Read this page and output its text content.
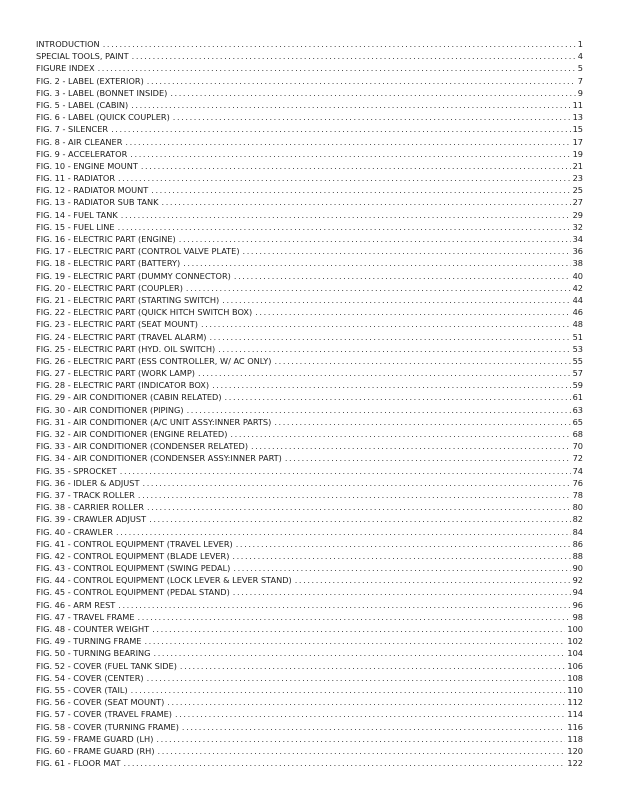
INTRODUCTION .....	1
SPECIAL TOOLS, PAINT .....	4
FIGURE INDEX .....	5
FIG. 2 - LABEL (EXTERIOR) .....	7
FIG. 3 - LABEL (BONNET INSIDE) .....	9
FIG. 5 - LABEL (CABIN) .....	11
FIG. 6 - LABEL (QUICK COUPLER) .....	13
FIG. 7 - SILENCER .....	15
FIG. 8 - AIR CLEANER .....	17
FIG. 9 - ACCELERATOR .....	19
FIG. 10 - ENGINE MOUNT .....	21
FIG. 11 - RADIATOR .....	23
FIG. 12 - RADIATOR MOUNT .....	25
FIG. 13 - RADIATOR SUB TANK .....	27
FIG. 14 - FUEL TANK .....	29
FIG. 15 - FUEL LINE .....	32
FIG. 16 - ELECTRIC PART (ENGINE) .....	34
FIG. 17 - ELECTRIC PART (CONTROL VALVE PLATE) .....	36
FIG. 18 - ELECTRIC PART (BATTERY) .....	38
FIG. 19 - ELECTRIC PART (DUMMY CONNECTOR) .....	40
FIG. 20 - ELECTRIC PART (COUPLER) .....	42
FIG. 21 - ELECTRIC PART (STARTING SWITCH) .....	44
FIG. 22 - ELECTRIC PART (QUICK HITCH SWITCH BOX) .....	46
FIG. 23 - ELECTRIC PART (SEAT MOUNT) .....	48
FIG. 24 - ELECTRIC PART (TRAVEL ALARM) .....	51
FIG. 25 - ELECTRIC PART (HYD. OIL SWITCH) .....	53
FIG. 26 - ELECTRIC PART (ESS CONTROLLER, W/ AC ONLY) .....	55
FIG. 27 - ELECTRIC PART (WORK LAMP) .....	57
FIG. 28 - ELECTRIC PART (INDICATOR BOX) .....	59
FIG. 29 - AIR CONDITIONER (CABIN RELATED) .....	61
FIG. 30 - AIR CONDITIONER (PIPING) .....	63
FIG. 31 - AIR CONDITIONER (A/C UNIT ASSY:INNER PARTS) .....	65
FIG. 32 - AIR CONDITIONER (ENGINE RELATED) .....	68
FIG. 33 - AIR CONDITIONER (CONDENSER RELATED) .....	70
FIG. 34 - AIR CONDITIONER (CONDENSER ASSY:INNER PART) .....	72
FIG. 35 - SPROCKET .....	74
FIG. 36 - IDLER & ADJUST .....	76
FIG. 37 - TRACK ROLLER .....	78
FIG. 38 - CARRIER ROLLER .....	80
FIG. 39 - CRAWLER ADJUST .....	82
FIG. 40 - CRAWLER .....	84
FIG. 41 - CONTROL EQUIPMENT (TRAVEL LEVER) .....	86
FIG. 42 - CONTROL EQUIPMENT (BLADE LEVER) .....	88
FIG. 43 - CONTROL EQUIPMENT (SWING PEDAL) .....	90
FIG. 44 - CONTROL EQUIPMENT (LOCK LEVER & LEVER STAND) .....	92
FIG. 45 - CONTROL EQUIPMENT (PEDAL STAND) .....	94
FIG. 46 - ARM REST .....	96
FIG. 47 - TRAVEL FRAME .....	98
FIG. 48 - COUNTER WEIGHT .....	100
FIG. 49 - TURNING FRAME .....	102
FIG. 50 - TURNING BEARING .....	104
FIG. 52 - COVER (FUEL TANK SIDE) .....	106
FIG. 54 - COVER (CENTER) .....	108
FIG. 55 - COVER (TAIL) .....	110
FIG. 56 - COVER (SEAT MOUNT) .....	112
FIG. 57 - COVER (TRAVEL FRAME) .....	114
FIG. 58 - COVER (TURNING FRAME) .....	116
FIG. 59 - FRAME GUARD (LH) .....	118
FIG. 60 - FRAME GUARD (RH) .....	120
FIG. 61 - FLOOR MAT .....	122
